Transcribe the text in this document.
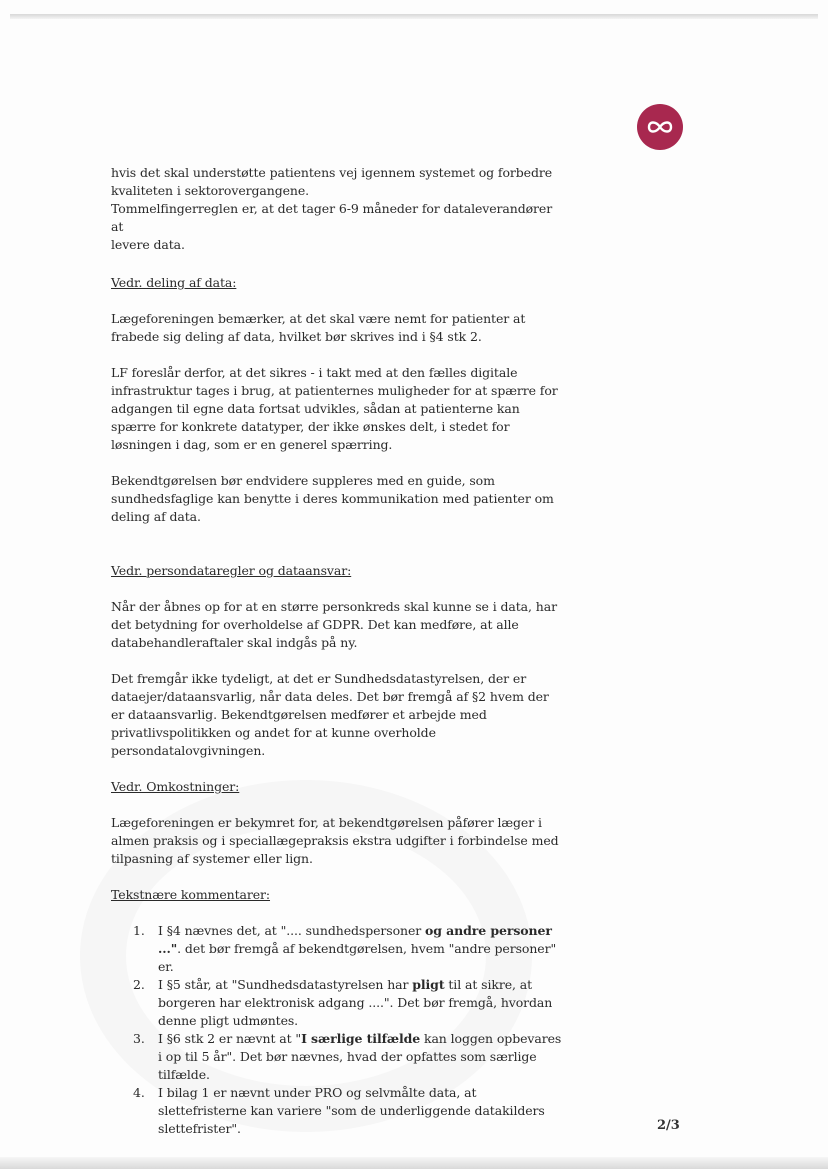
hvis det skal understøtte patientens vej igennem systemet og forbedre

kvaliteten i sektorovergangene.

Tommelfingerreglen er, at det tager 6-9 måneder for dataleverandører at

levere data.

Vedr. deling af data:

Lægeforeningen bemærker, at det skal være nemt for patienter at frabede sig deling af data, hvilket bør skrives ind i §4 stk 2.

LF foreslår derfor, at det sikres - i takt med at den fælles digitale infrastruktur tages i brug, at patienternes muligheder for at spærre for adgangen til egne data fortsat udvikles, sådan at patienterne kan spærre for konkrete datatyper, der ikke ønskes delt, i stedet for løsningen i dag, som er en generel spærring.

Bekendtgørelsen bør endvidere suppleres med en guide, som sundhedsfaglige kan benytte i deres kommunikation med patienter om deling af data.

Vedr. persondataregler og dataansvar:

Når der åbnes op for at en større personkreds skal kunne se i data, har det betydning for overholdelse af GDPR. Det kan medføre, at alle databehandleraftaler skal indgås på ny.

Det fremgår ikke tydeligt, at det er Sundhedsdatastyrelsen, der er dataejer/dataansvarlig, når data deles. Det bør fremgå af §2 hvem der er dataansvarlig. Bekendtgørelsen medfører et arbejde med privatlivspolitikken og andet for at kunne overholde persondatalovgivningen.

Vedr. Omkostninger:

Lægeforeningen er bekymret for, at bekendtgørelsen påfører læger i almen praksis og i speciallægepraksis ekstra udgifter i forbindelse med tilpasning af systemer eller lign.

Tekstnære kommentarer:

1. I §4 nævnes det, at ".... sundhedspersoner og andre personer ...". det bør fremgå af bekendtgørelsen, hvem "andre personer" er.
2. I §5 står, at "Sundhedsdatastyrelsen har pligt til at sikre, at borgeren har elektronisk adgang ....". Det bør fremgå, hvordan denne pligt udmøntes.
3. I §6 stk 2 er nævnt at "I særlige tilfælde kan loggen opbevares i op til 5 år". Det bør nævnes, hvad der opfattes som særlige tilfælde.
4. I bilag 1 er nævnt under PRO og selvmålte data, at slettefristerne kan variere "som de underliggende datakilders slettefrister".	2/3
